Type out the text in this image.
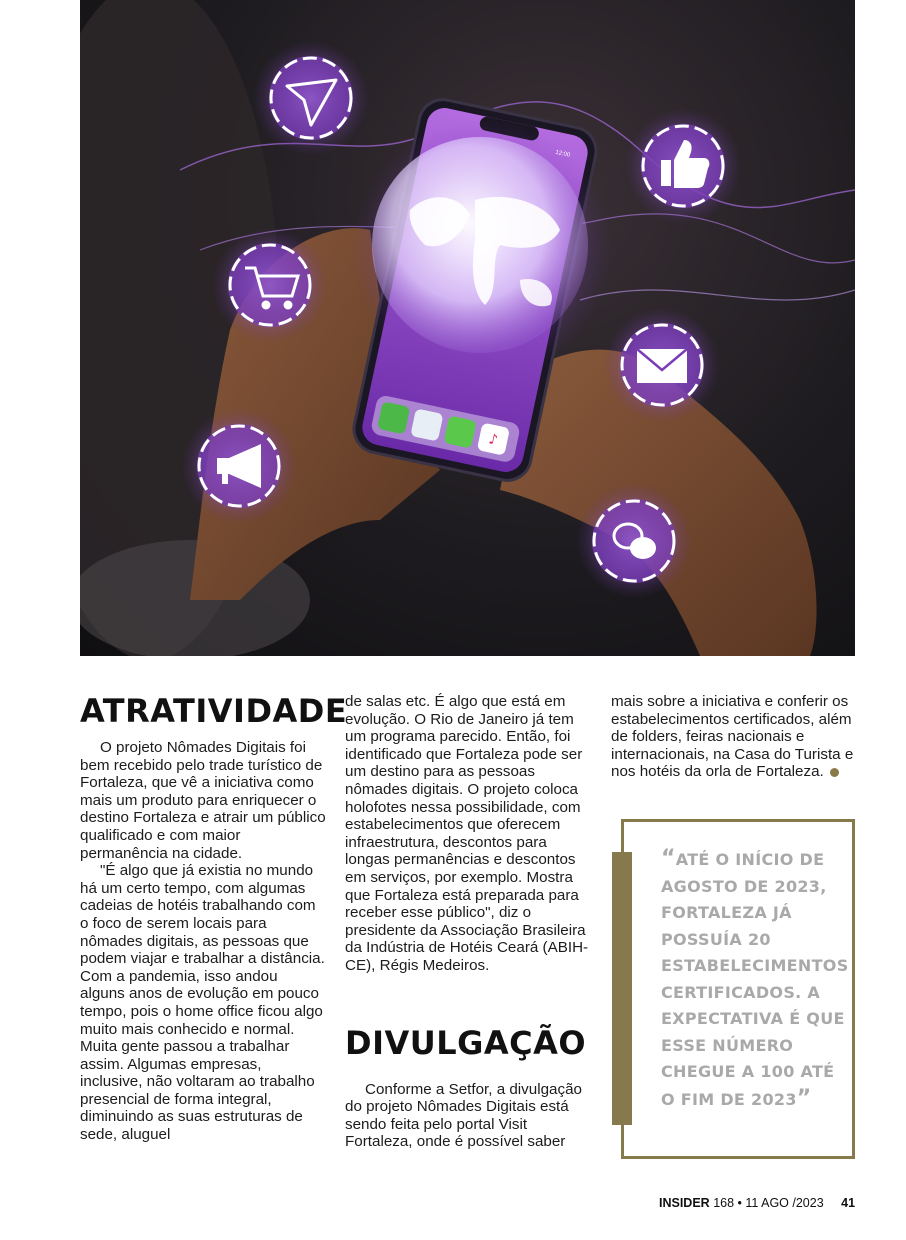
♪
ATRATIVIDADE

O projeto Nômades Digitais foi bem recebido pelo trade turístico de Fortaleza, que vê a iniciativa como mais um produto para enriquecer o destino Fortaleza e atrair um público qualificado e com maior permanência na cidade.

"É algo que já existia no mundo há um certo tempo, com algumas cadeias de hotéis trabalhando com o foco de serem locais para nômades digitais, as pessoas que podem viajar e trabalhar a distância. Com a pandemia, isso andou alguns anos de evolução em pouco tempo, pois o home office ficou algo muito mais conhecido e normal. Muita gente passou a trabalhar assim. Algumas empresas, inclusive, não voltaram ao trabalho presencial de forma integral, diminuindo as suas estruturas de sede, aluguel

de salas etc. É algo que está em evolução. O Rio de Janeiro já tem um programa parecido. Então, foi identificado que Fortaleza pode ser um destino para as pessoas nômades digitais. O projeto coloca holofotes nessa possibilidade, com estabelecimentos que oferecem infraestrutura, descontos para longas permanências e descontos em serviços, por exemplo. Mostra que Fortaleza está preparada para receber esse público", diz o presidente da Associação Brasileira da Indústria de Hotéis Ceará (ABIH-CE), Régis Medeiros.

DIVULGAÇÃO

Conforme a Setfor, a divulgação do projeto Nômades Digitais está sendo feita pelo portal Visit Fortaleza, onde é possível saber

mais sobre a iniciativa e conferir os estabelecimentos certificados, além de folders, feiras nacionais e internacionais, na Casa do Turista e nos hotéis da orla de Fortaleza.

“ATÉ O INÍCIO DE AGOSTO DE 2023, FORTALEZA JÁ POSSUÍA 20 ESTABELECIMENTOS CERTIFICADOS. A EXPECTATIVA É QUE ESSE NÚMERO CHEGUE A 100 ATÉ O FIM DE 2023”
INSIDER 168 • 11 AGO /2023 41
